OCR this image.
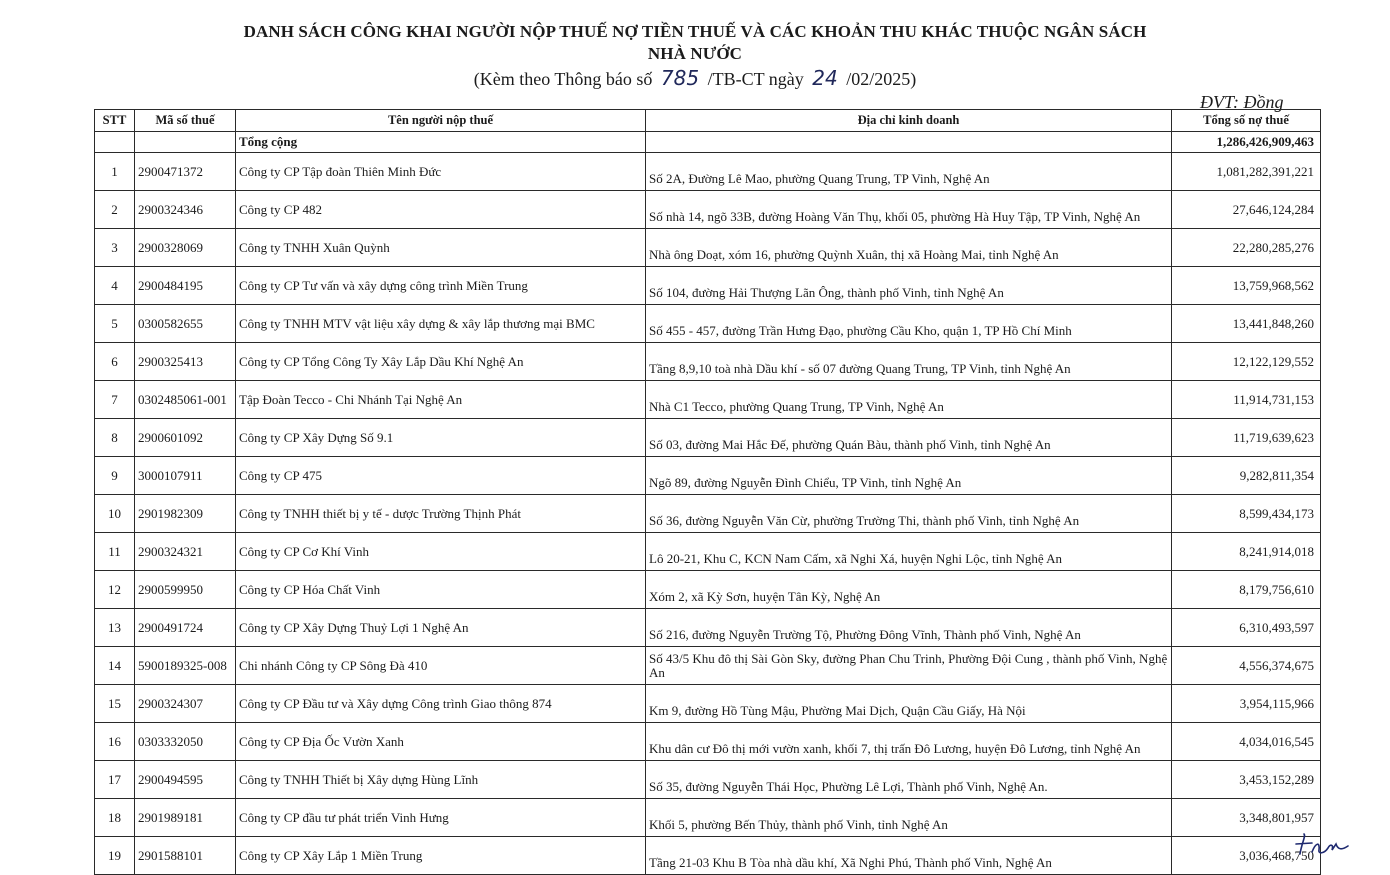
DANH SÁCH CÔNG KHAI NGƯỜI NỘP THUẾ NỢ TIỀN THUẾ VÀ CÁC KHOẢN THU KHÁC THUỘC NGÂN SÁCH
NHÀ NƯỚC
(Kèm theo Thông báo số 785 /TB-CT ngày 24 /02/2025)
ĐVT: Đồng
STT	Mã số thuế	Tên người nộp thuế	Địa chỉ kinh doanh	Tổng số nợ thuế
		Tổng cộng		1,286,426,909,463
1	2900471372	Công ty CP Tập đoàn Thiên Minh Đức	Số 2A, Đường Lê Mao, phường Quang Trung, TP Vinh, Nghệ An	1,081,282,391,221
2	2900324346	Công ty CP 482	Số nhà 14, ngõ 33B, đường Hoàng Văn Thụ, khối 05, phường Hà Huy Tập, TP Vinh, Nghệ An	27,646,124,284
3	2900328069	Công ty TNHH Xuân Quỳnh	Nhà ông Doạt, xóm 16, phường Quỳnh Xuân, thị xã Hoàng Mai, tỉnh Nghệ An	22,280,285,276
4	2900484195	Công ty CP Tư vấn và xây dựng công trình Miền Trung	Số 104, đường Hải Thượng Lãn Ông, thành phố Vinh, tỉnh Nghệ An	13,759,968,562
5	0300582655	Công ty TNHH MTV vật liệu xây dựng & xây lắp thương mại BMC	Số 455 - 457, đường Trần Hưng Đạo, phường Cầu Kho, quận 1, TP Hồ Chí Minh	13,441,848,260
6	2900325413	Công ty CP Tổng Công Ty Xây Lắp Dầu Khí Nghệ An	Tầng 8,9,10 toà nhà Dầu khí - số 07 đường Quang Trung, TP Vinh, tỉnh Nghệ An	12,122,129,552
7	0302485061-001	Tập Đoàn Tecco - Chi Nhánh Tại Nghệ An	Nhà C1 Tecco, phường Quang Trung, TP Vinh, Nghệ An	11,914,731,153
8	2900601092	Công ty CP Xây Dựng Số 9.1	Số 03, đường Mai Hắc Đế, phường Quán Bàu, thành phố Vinh, tỉnh Nghệ An	11,719,639,623
9	3000107911	Công ty CP 475	Ngõ 89, đường Nguyễn Đình Chiểu, TP Vinh, tỉnh Nghệ An	9,282,811,354
10	2901982309	Công ty TNHH thiết bị y tế - dược Trường Thịnh Phát	Số 36, đường Nguyễn Văn Cừ, phường Trường Thi, thành phố Vinh, tỉnh Nghệ An	8,599,434,173
11	2900324321	Công ty CP Cơ Khí Vinh	Lô 20-21, Khu C, KCN Nam Cấm, xã Nghi Xá, huyện Nghi Lộc, tỉnh Nghệ An	8,241,914,018
12	2900599950	Công ty CP Hóa Chất Vinh	Xóm 2, xã Kỳ Sơn, huyện Tân Kỳ, Nghệ An	8,179,756,610
13	2900491724	Công ty CP Xây Dựng Thuỷ Lợi 1 Nghệ An	Số 216, đường Nguyễn Trường Tộ, Phường Đông Vĩnh, Thành phố Vinh, Nghệ An	6,310,493,597
14	5900189325-008	Chi nhánh Công ty CP Sông Đà 410	Số 43/5 Khu đô thị Sài Gòn Sky, đường Phan Chu Trinh, Phường Đội Cung , thành phố Vinh, Nghệ An	4,556,374,675
15	2900324307	Công ty CP Đầu tư và Xây dựng Công trình Giao thông 874	Km 9, đường Hồ Tùng Mậu, Phường Mai Dịch, Quận Cầu Giấy, Hà Nội	3,954,115,966
16	0303332050	Công ty CP Địa Ốc Vườn Xanh	Khu dân cư Đô thị mới vườn xanh, khối 7, thị trấn Đô Lương, huyện Đô Lương, tỉnh Nghệ An	4,034,016,545
17	2900494595	Công ty TNHH Thiết bị Xây dựng Hùng Lĩnh	Số 35, đường Nguyễn Thái Học, Phường Lê Lợi, Thành phố Vinh, Nghệ An.	3,453,152,289
18	2901989181	Công ty CP đầu tư phát triển Vinh Hưng	Khối 5, phường Bến Thủy, thành phố Vinh, tỉnh Nghệ An	3,348,801,957
19	2901588101	Công ty CP Xây Lắp 1 Miền Trung	Tầng 21-03 Khu B Tòa nhà dầu khí, Xã Nghi Phú, Thành phố Vinh, Nghệ An	3,036,468,750
